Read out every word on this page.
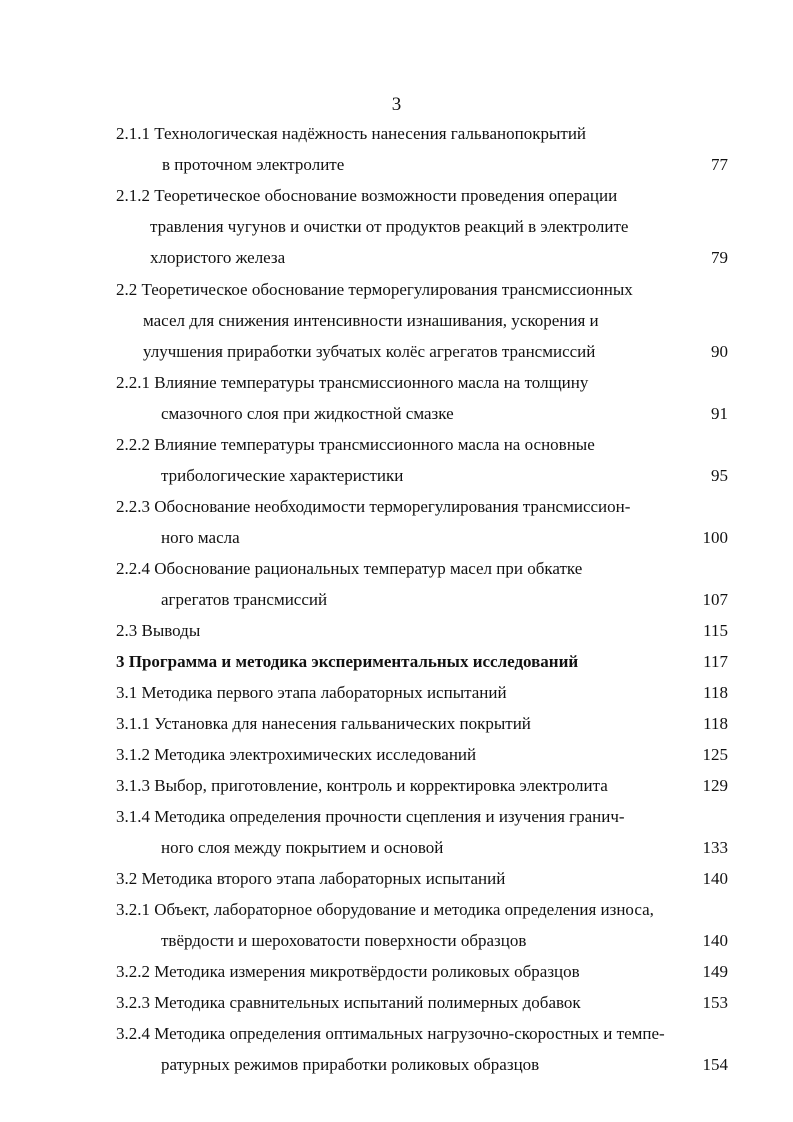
3
2.1.1 Технологическая надёжность нанесения гальванопокрытий
в проточном электролите	77
2.1.2 Теоретическое обоснование возможности проведения операции
травления чугунов и очистки от продуктов реакций в электролите
хлористого железа	79
2.2 Теоретическое обоснование терморегулирования трансмиссионных
масел для снижения интенсивности изнашивания, ускорения и
улучшения приработки зубчатых колёс агрегатов трансмиссий	90
2.2.1 Влияние температуры трансмиссионного масла на толщину
смазочного слоя при жидкостной смазке	91
2.2.2 Влияние температуры трансмиссионного масла на основные
трибологические характеристики	95
2.2.3 Обоснование необходимости терморегулирования трансмиссион-
ного масла	100
2.2.4 Обоснование рациональных температур масел при обкатке
агрегатов трансмиссий	107
2.3 Выводы	115
3 Программа и методика экспериментальных исследований	117
3.1 Методика первого этапа лабораторных испытаний	118
3.1.1 Установка для нанесения гальванических покрытий	118
3.1.2 Методика электрохимических исследований	125
3.1.3 Выбор, приготовление, контроль и корректировка электролита	129
3.1.4 Методика определения прочности сцепления и изучения гранич-
ного слоя между покрытием и основой	133
3.2 Методика второго этапа лабораторных испытаний	140
3.2.1 Объект, лабораторное оборудование и методика определения износа,
твёрдости и шероховатости поверхности образцов	140
3.2.2 Методика измерения микротвёрдости роликовых образцов	149
3.2.3 Методика сравнительных испытаний полимерных добавок	153
3.2.4 Методика определения оптимальных нагрузочно-скоростных и темпе-
ратурных режимов приработки роликовых образцов	154
